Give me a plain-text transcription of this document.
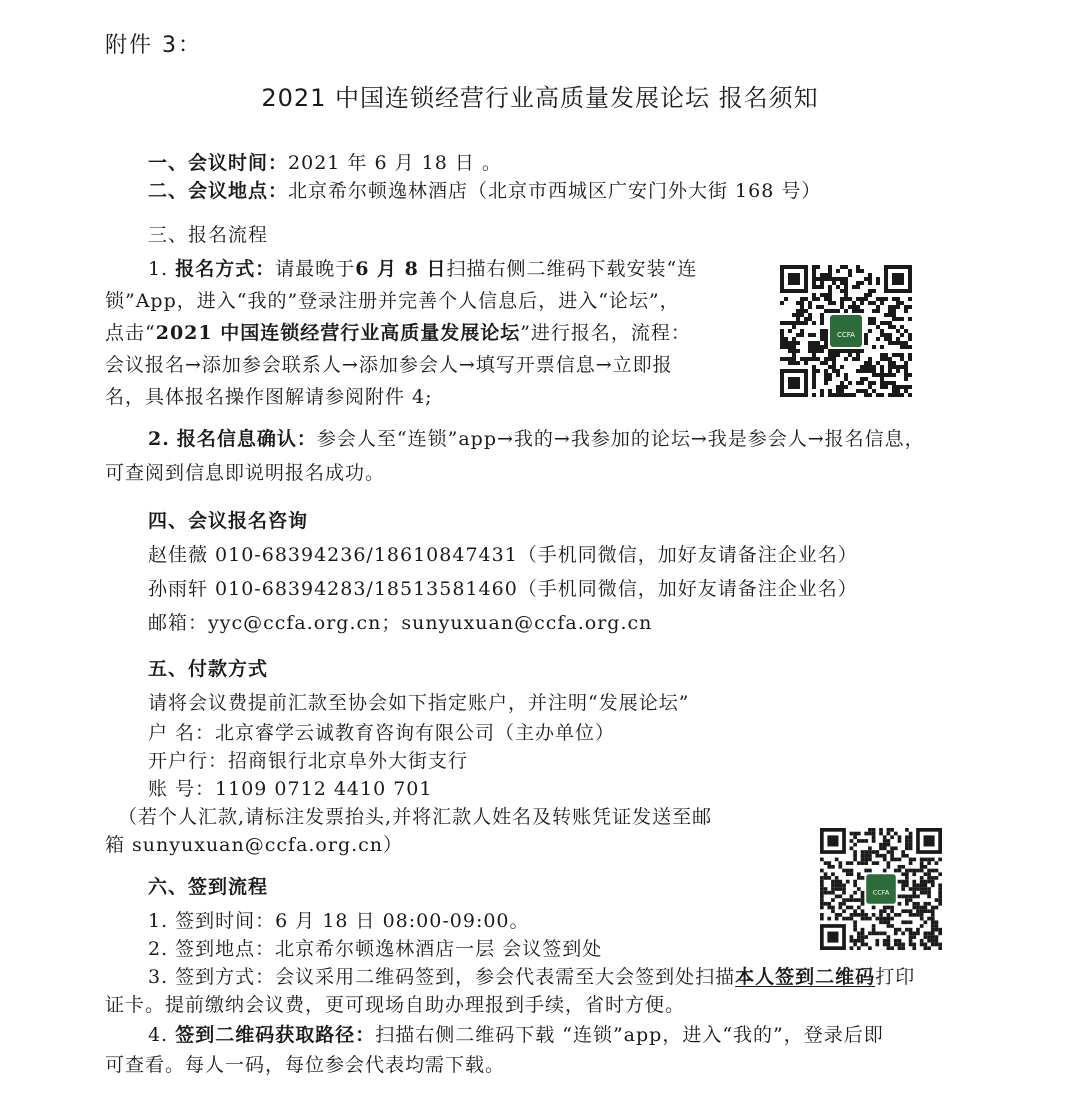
附件 3：
2021 中国连锁经营行业高质量发展论坛 报名须知
一、会议时间：2021 年 6 月 18 日 。
二、会议地点：北京希尔顿逸林酒店（北京市西城区广安门外大街 168 号）
三、报名流程
1. 报名方式：请最晚于6 月 8 日扫描右侧二维码下载安装“连
锁”App，进入“我的”登录注册并完善个人信息后，进入“论坛”，
点击“2021 中国连锁经营行业高质量发展论坛”进行报名，流程：
会议报名→添加参会联系人→添加参会人→填写开票信息→立即报
名，具体报名操作图解请参阅附件 4;
2. 报名信息确认：参会人至“连锁”app→我的→我参加的论坛→我是参会人→报名信息，
可查阅到信息即说明报名成功。
四、会议报名咨询
赵佳薇 010-68394236/18610847431（手机同微信，加好友请备注企业名）
孙雨轩 010-68394283/18513581460（手机同微信，加好友请备注企业名）
邮箱：yyc@ccfa.org.cn；sunyuxuan@ccfa.org.cn
五、付款方式
请将会议费提前汇款至协会如下指定账户，并注明“发展论坛”
户 名：北京睿学云诚教育咨询有限公司（主办单位）
开户行：招商银行北京阜外大街支行
账 号：1109 0712 4410 701
（若个人汇款,请标注发票抬头,并将汇款人姓名及转账凭证发送至邮
箱 sunyuxuan@ccfa.org.cn）
六、签到流程
1. 签到时间：6 月 18 日 08:00-09:00。
2. 签到地点：北京希尔顿逸林酒店一层 会议签到处
3. 签到方式：会议采用二维码签到，参会代表需至大会签到处扫描本人签到二维码打印
证卡。提前缴纳会议费，更可现场自助办理报到手续，省时方便。
4. 签到二维码获取路径：扫描右侧二维码下载 “连锁”app，进入“我的”，登录后即
可查看。每人一码，每位参会代表均需下载。
CCFA
CCFA
